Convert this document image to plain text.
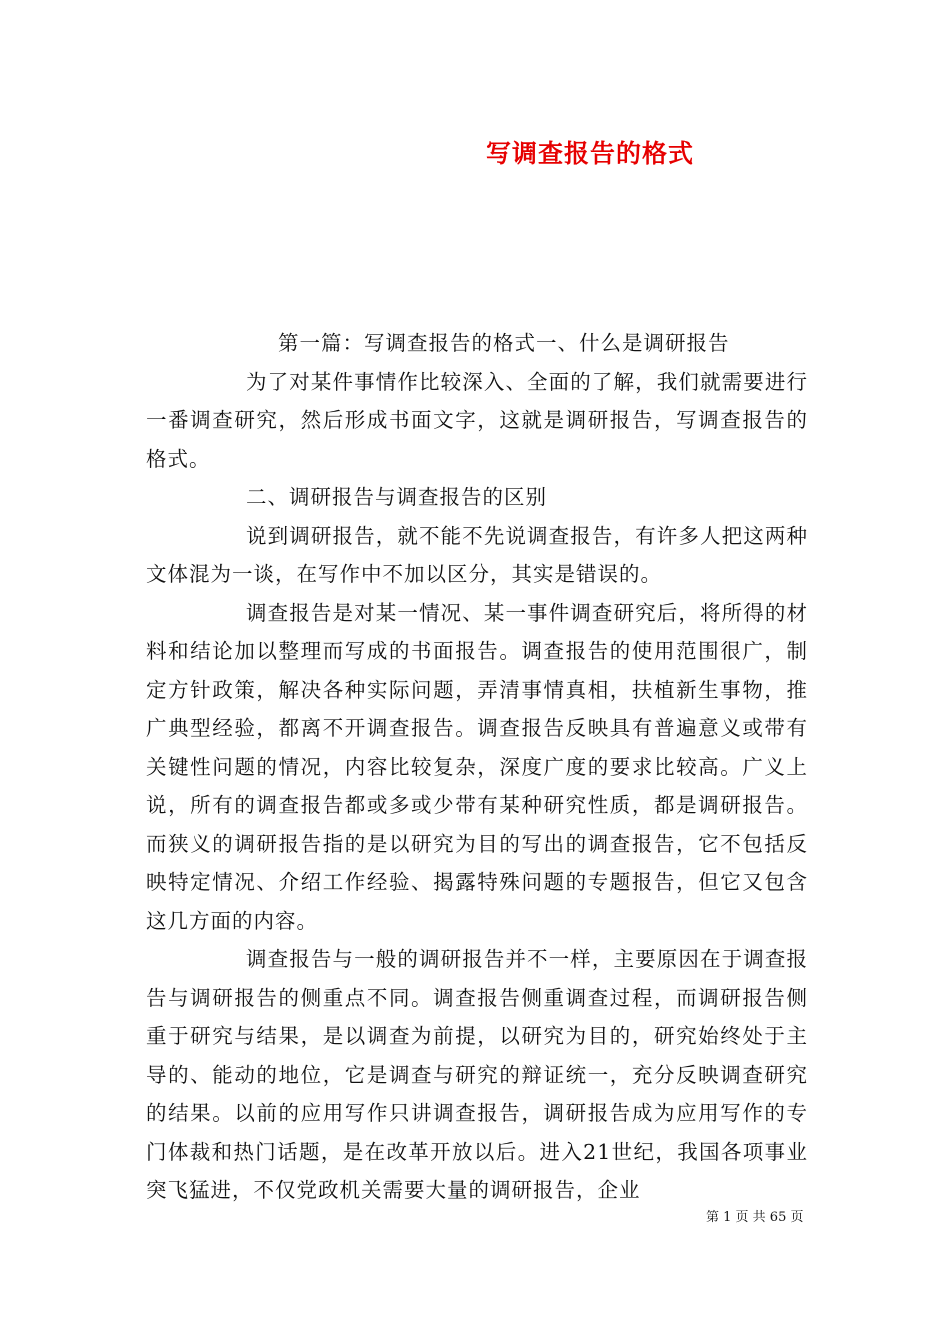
写调查报告的格式

第一篇：写调查报告的格式一、什么是调研报告

为了对某件事情作比较深入、全面的了解，我们就需要进行一番调查研究，然后形成书面文字，这就是调研报告，写调查报告的格式。

二、调研报告与调查报告的区别

说到调研报告，就不能不先说调查报告，有许多人把这两种文体混为一谈，在写作中不加以区分，其实是错误的。

调查报告是对某一情况、某一事件调查研究后，将所得的材料和结论加以整理而写成的书面报告。调查报告的使用范围很广，制定方针政策，解决各种实际问题，弄清事情真相，扶植新生事物，推广典型经验，都离不开调查报告。调查报告反映具有普遍意义或带有关键性问题的情况，内容比较复杂，深度广度的要求比较高。广义上说，所有的调查报告都或多或少带有某种研究性质，都是调研报告。而狭义的调研报告指的是以研究为目的写出的调查报告，它不包括反映特定情况、介绍工作经验、揭露特殊问题的专题报告，但它又包含这几方面的内容。

调查报告与一般的调研报告并不一样，主要原因在于调查报告与调研报告的侧重点不同。调查报告侧重调查过程，而调研报告侧重于研究与结果，是以调查为前提，以研究为目的，研究始终处于主导的、能动的地位，它是调查与研究的辩证统一，充分反映调查研究的结果。以前的应用写作只讲调查报告，调研报告成为应用写作的专门体裁和热门话题，是在改革开放以后。进入21世纪，我国各项事业突飞猛进，不仅党政机关需要大量的调研报告，企业

第 1 页 共 65 页
